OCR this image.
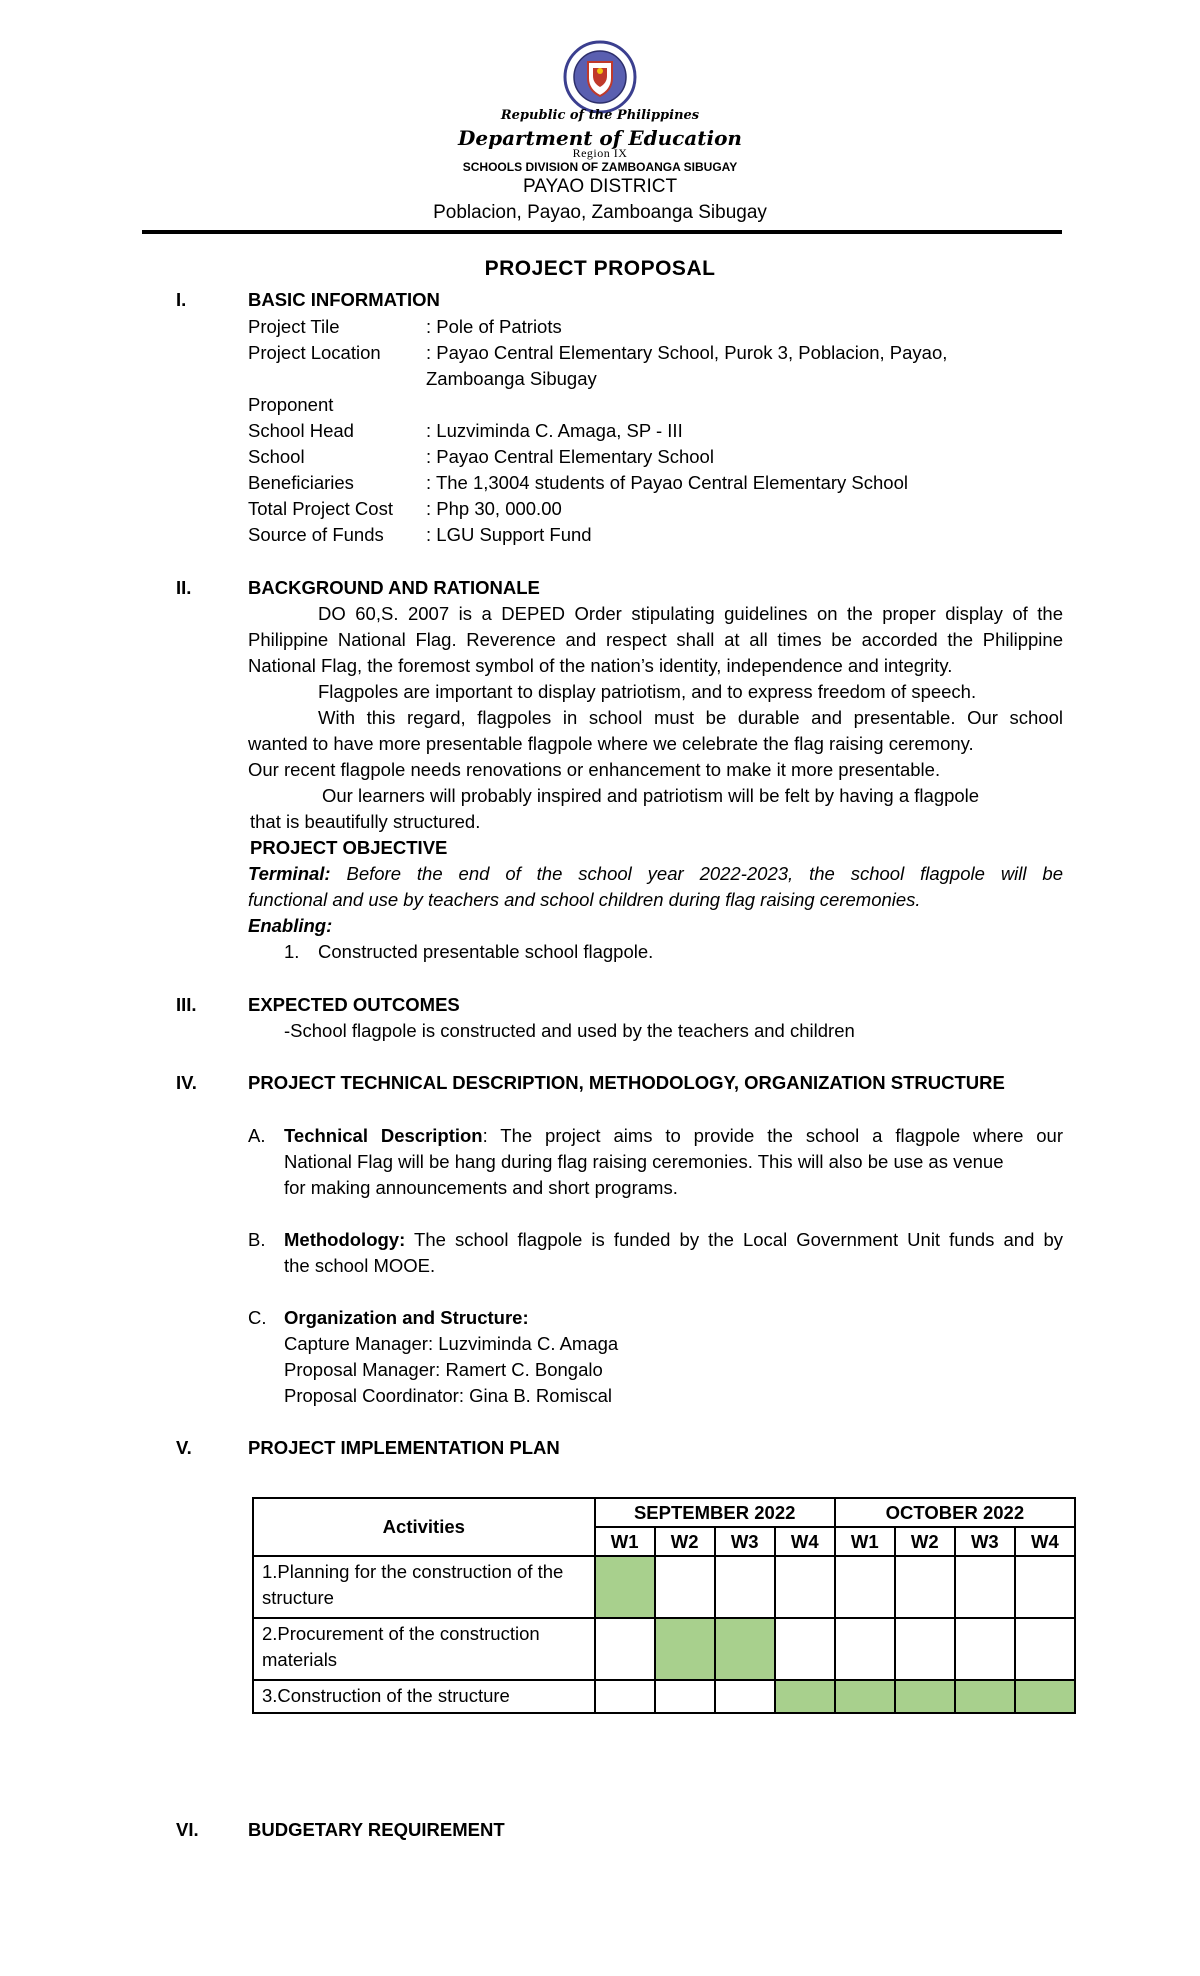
Republic of the Philippines
Department of Education
Region IX
SCHOOLS DIVISION OF ZAMBOANGA SIBUGAY
PAYAO DISTRICT
Poblacion, Payao, Zamboanga Sibugay
PROJECT PROPOSAL
I.	BASIC INFORMATION
Project Tile	: Pole of Patriots
Project Location : Payao Central Elementary School, Purok 3, Poblacion, Payao,
Zamboanga Sibugay
Proponent
School Head	: Luzviminda C. Amaga, SP - III
School	: Payao Central Elementary School
Beneficiaries	: The 1,3004 students of Payao Central Elementary School
Total Project Cost : Php 30, 000.00
Source of Funds : LGU Support Fund
II.	BACKGROUND AND RATIONALE
DO 60,S. 2007 is a DEPED Order stipulating guidelines on the proper display of the
Philippine National Flag. Reverence and respect shall at all times be accorded the Philippine
National Flag, the foremost symbol of the nation’s identity, independence and integrity.
Flagpoles are important to display patriotism, and to express freedom of speech.
With this regard, flagpoles in school must be durable and presentable. Our school
wanted to have more presentable flagpole where we celebrate the flag raising ceremony.
Our recent flagpole needs renovations or enhancement to make it more presentable.
Our learners will probably inspired and patriotism will be felt by having a flagpole
that is beautifully structured.
PROJECT OBJECTIVE
Terminal: Before the end of the school year 2022-2023, the school flagpole will be
functional and use by teachers and school children during flag raising ceremonies.
Enabling:
1. Constructed presentable school flagpole.
III.	EXPECTED OUTCOMES
-School flagpole is constructed and used by the teachers and children
IV.	PROJECT TECHNICAL DESCRIPTION, METHODOLOGY, ORGANIZATION STRUCTURE
A. Technical Description: The project aims to provide the school a flagpole where our
National Flag will be hang during flag raising ceremonies. This will also be use as venue
for making announcements and short programs.
B. Methodology: The school flagpole is funded by the Local Government Unit funds and by
the school MOOE.
C. Organization and Structure:
Capture Manager: Luzviminda C. Amaga
Proposal Manager: Ramert C. Bongalo
Proposal Coordinator: Gina B. Romiscal
V.	PROJECT IMPLEMENTATION PLAN
Activities	SEPTEMBER 2022				OCTOBER 2022			
	W1	W2	W3	W4	W1	W2	W3	W4
1.Planning for the construction of the structure								
2.Procurement of the construction materials								
3.Construction of the structure								
VI.	BUDGETARY REQUIREMENT
